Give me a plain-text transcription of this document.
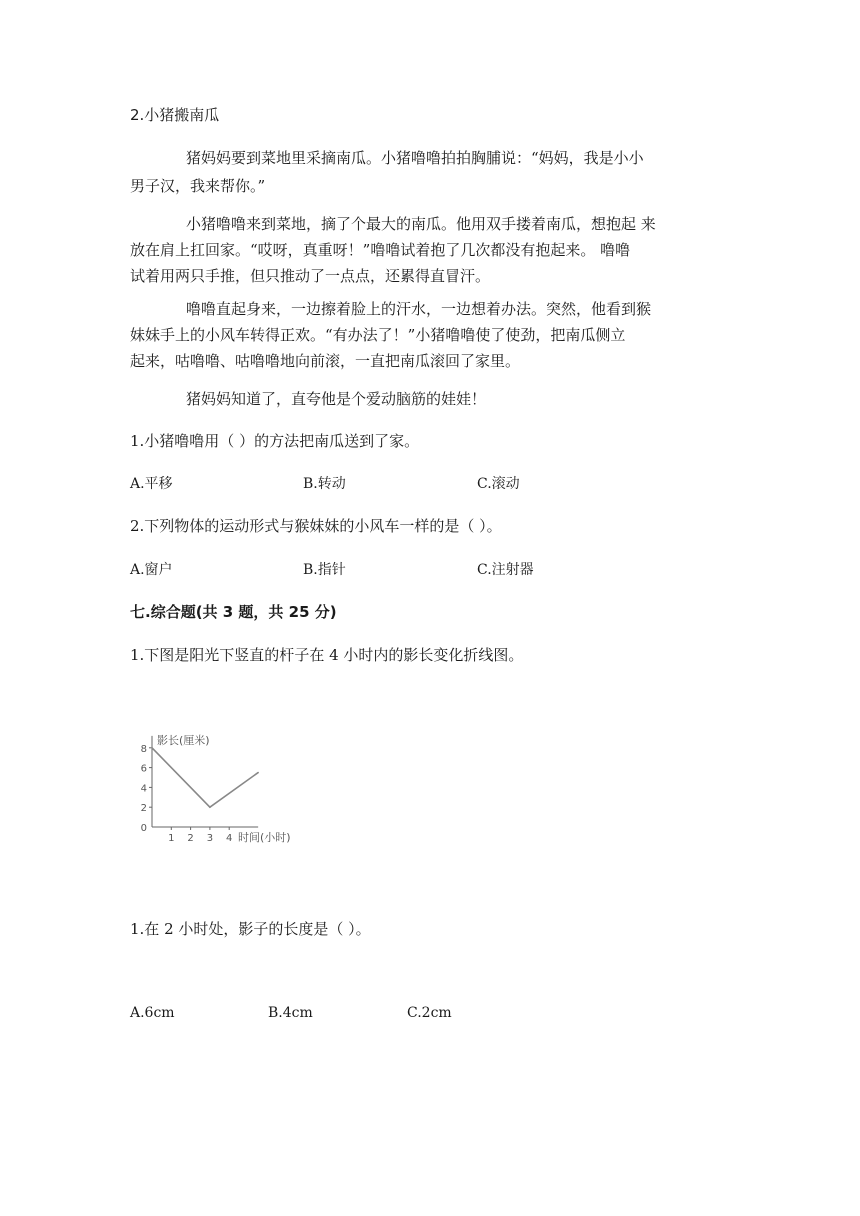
2.小猪搬南瓜

猪妈妈要到菜地里采摘南瓜。小猪噜噜拍拍胸脯说：“妈妈，我是小小

男子汉，我来帮你。”

小猪噜噜来到菜地，摘了个最大的南瓜。他用双手搂着南瓜，想抱起 来

放在肩上扛回家。“哎呀，真重呀！”噜噜试着抱了几次都没有抱起来。 噜噜

试着用两只手推，但只推动了一点点，还累得直冒汗。

噜噜直起身来，一边擦着脸上的汗水，一边想着办法。突然，他看到猴

妹妹手上的小风车转得正欢。“有办法了！”小猪噜噜使了使劲，把南瓜侧立

起来，咕噜噜、咕噜噜地向前滚，一直把南瓜滚回了家里。

猪妈妈知道了，直夸他是个爱动脑筋的娃娃！

1.小猪噜噜用（ ）的方法把南瓜送到了家。

A.平移	B.转动	C.滚动

2.下列物体的运动形式与猴妹妹的小风车一样的是（ ）。

A.窗户	B.指针	C.注射器

七.综合题(共 3 题，共 25 分)

1.下图是阳光下竖直的杆子在 4 小时内的影长变化折线图。

0
2
4
6
8
1 2 3 4
影长(厘米)
时间(小时)

1.在 2 小时处，影子的长度是（ ）。

A.6cm	B.4cm	C.2cm
